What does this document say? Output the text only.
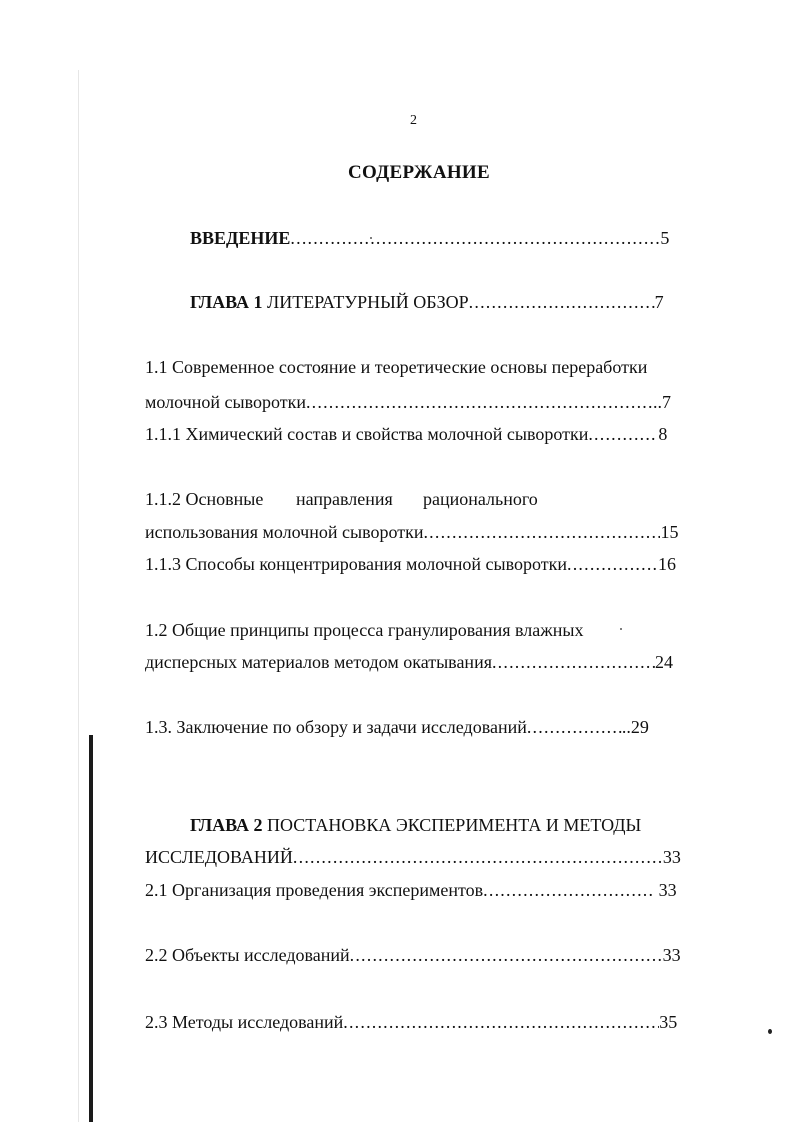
2
СОДЕРЖАНИЕ
ВВЕДЕНИЕ .....	5
ГЛАВА 1 ЛИТЕРАТУРНЫЙ ОБЗОР .....	7
1.1 Современное состояние и теоретические основы переработки
молочной сыворотки .....	..7
1.1.1 Химический состав и свойства молочной сыворотки .....	8
1.1.2 Основные направления рационального
использования молочной сыворотки .....	15
1.1.3 Способы концентрирования молочной сыворотки .....	16
1.2 Общие принципы процесса гранулирования влажных
дисперсных материалов методом окатывания .....	24
1.3. Заключение по обзору и задачи исследований .....	..29
ГЛАВА 2 ПОСТАНОВКА ЭКСПЕРИМЕНТА И МЕТОДЫ
ИССЛЕДОВАНИЙ .....	33
2.1 Организация проведения экспериментов .....	33
2.2 Объекты исследований .....	33
2.3 Методы исследований .....	35
